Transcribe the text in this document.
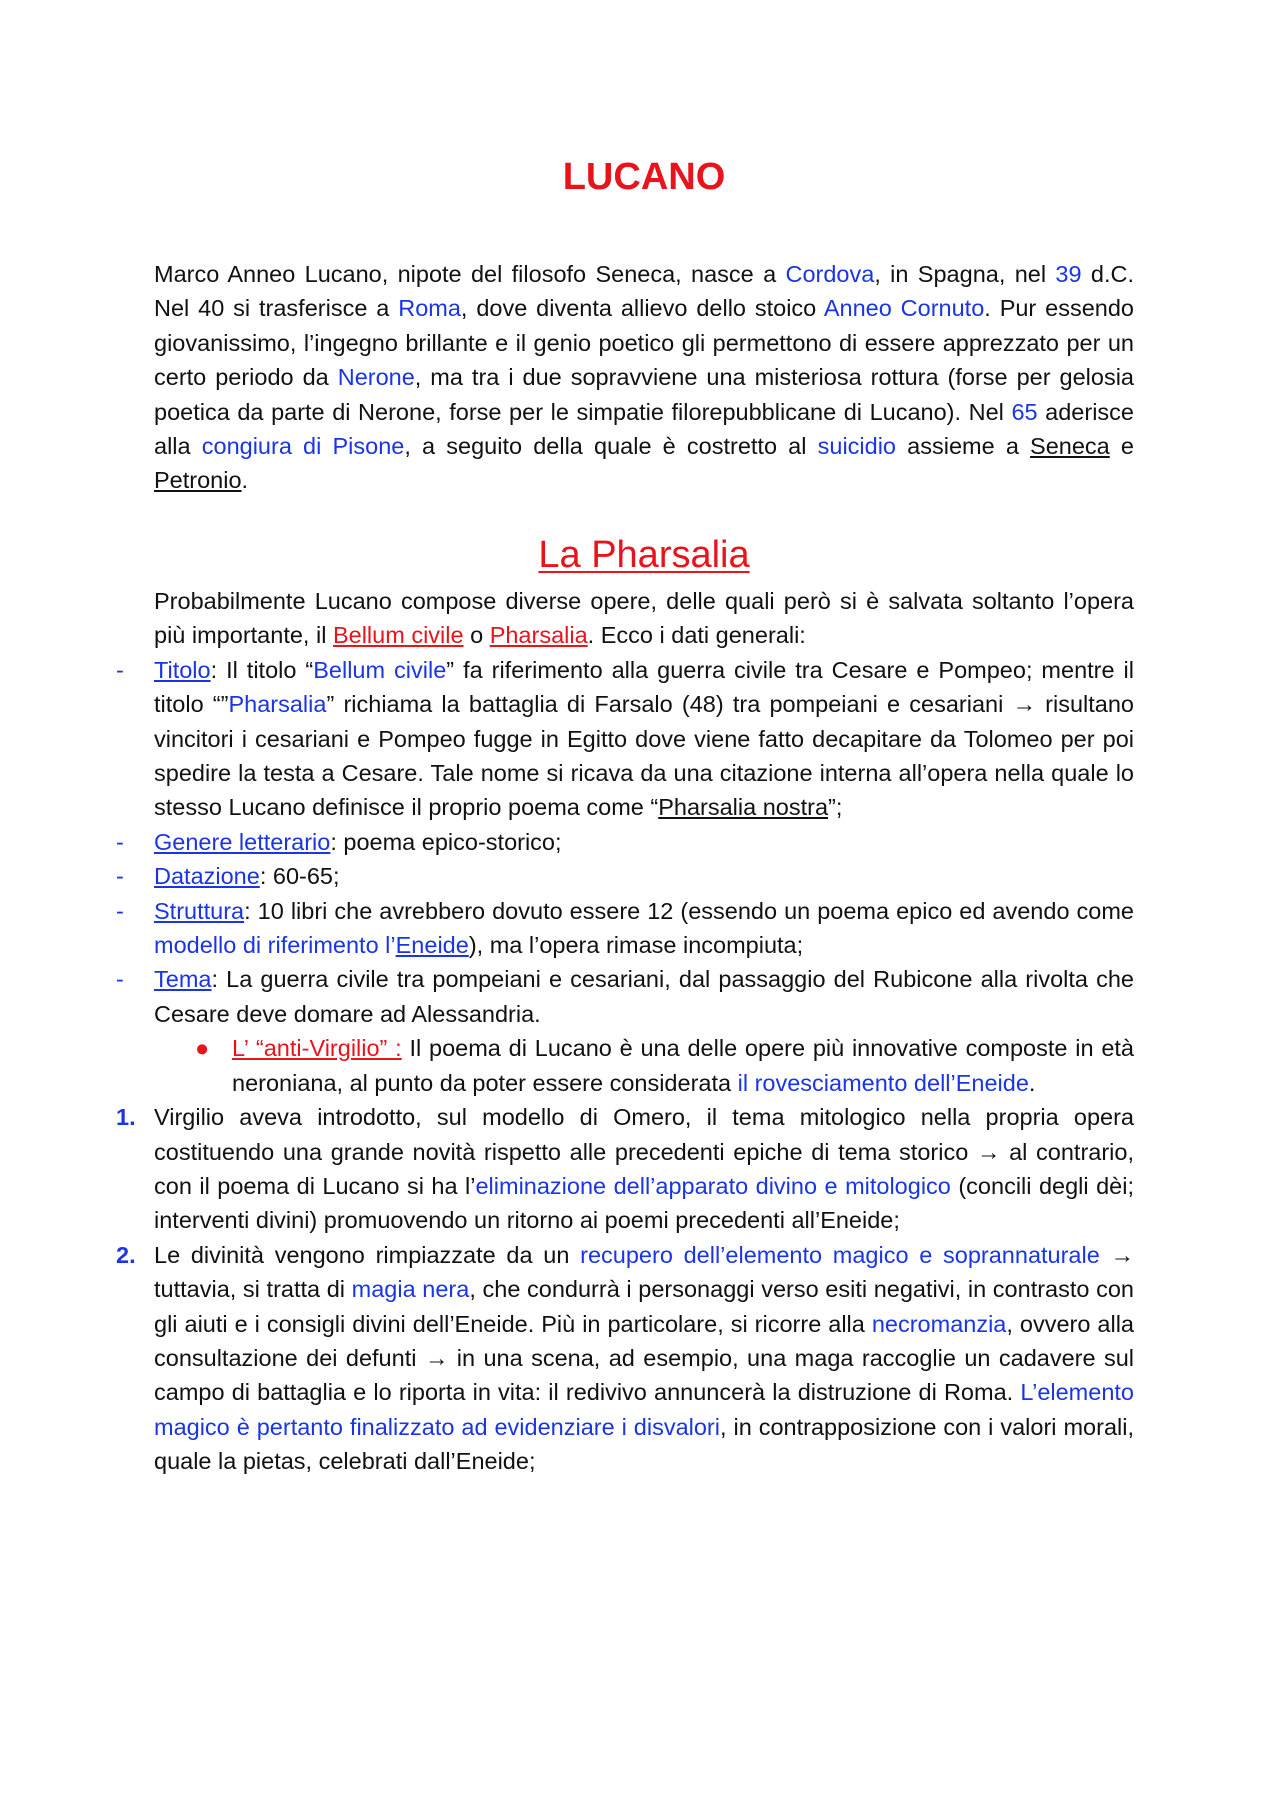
LUCANO

Marco Anneo Lucano, nipote del filosofo Seneca, nasce a Cordova, in Spagna, nel 39 d.C. Nel 40 si trasferisce a Roma, dove diventa allievo dello stoico Anneo Cornuto. Pur essendo giovanissimo, l’ingegno brillante e il genio poetico gli permettono di essere apprezzato per un certo periodo da Nerone, ma tra i due sopravviene una misteriosa rottura (forse per gelosia poetica da parte di Nerone, forse per le simpatie filorepubblicane di Lucano). Nel 65 aderisce alla congiura di Pisone, a seguito della quale è costretto al suicidio assieme a Seneca e Petronio.

La Pharsalia

Probabilmente Lucano compose diverse opere, delle quali però si è salvata soltanto l’opera più importante, il Bellum civile o Pharsalia. Ecco i dati generali:

- Titolo: Il titolo “Bellum civile” fa riferimento alla guerra civile tra Cesare e Pompeo; mentre il titolo “”Pharsalia” richiama la battaglia di Farsalo (48) tra pompeiani e cesariani → risultano vincitori i cesariani e Pompeo fugge in Egitto dove viene fatto decapitare da Tolomeo per poi spedire la testa a Cesare. Tale nome si ricava da una citazione interna all’opera nella quale lo stesso Lucano definisce il proprio poema come “Pharsalia nostra”;
- Genere letterario: poema epico-storico;
- Datazione: 60-65;
- Struttura: 10 libri che avrebbero dovuto essere 12 (essendo un poema epico ed avendo come modello di riferimento l’Eneide), ma l’opera rimase incompiuta;
- Tema: La guerra civile tra pompeiani e cesariani, dal passaggio del Rubicone alla rivolta che Cesare deve domare ad Alessandria.
● L’ “anti-Virgilio” : Il poema di Lucano è una delle opere più innovative composte in età neroniana, al punto da poter essere considerata il rovesciamento dell’Eneide.
1. Virgilio aveva introdotto, sul modello di Omero, il tema mitologico nella propria opera costituendo una grande novità rispetto alle precedenti epiche di tema storico → al contrario, con il poema di Lucano si ha l’eliminazione dell’apparato divino e mitologico (concili degli dèi; interventi divini) promuovendo un ritorno ai poemi precedenti all’Eneide;
2. Le divinità vengono rimpiazzate da un recupero dell’elemento magico e soprannaturale → tuttavia, si tratta di magia nera, che condurrà i personaggi verso esiti negativi, in contrasto con gli aiuti e i consigli divini dell’Eneide. Più in particolare, si ricorre alla necromanzia, ovvero alla consultazione dei defunti → in una scena, ad esempio, una maga raccoglie un cadavere sul campo di battaglia e lo riporta in vita: il redivivo annuncerà la distruzione di Roma. L’elemento magico è pertanto finalizzato ad evidenziare i disvalori, in contrapposizione con i valori morali, quale la pietas, celebrati dall’Eneide;
